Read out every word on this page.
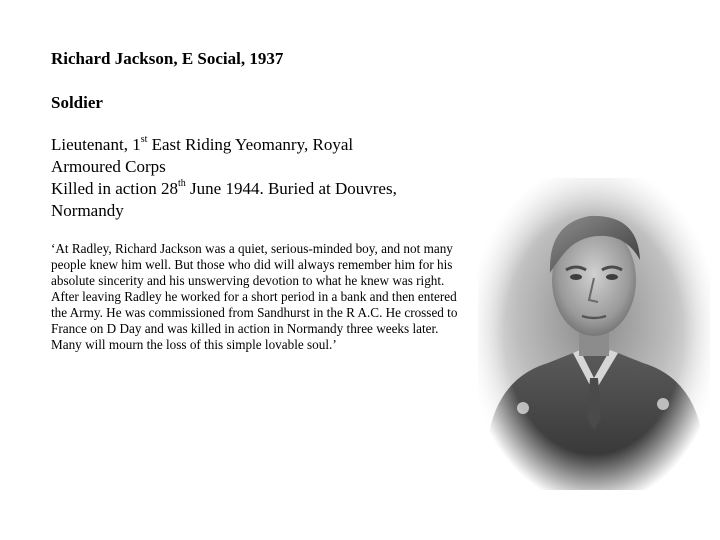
Richard Jackson, E Social, 1937

Soldier

Lieutenant, 1st East Riding Yeomanry, Royal
Armoured Corps
Killed in action 28th June 1944. Buried at Douvres,
Normandy

‘At Radley, Richard Jackson was a quiet, serious-minded boy, and not many people knew him well. But those who did will always remember him for his absolute sincerity and his unswerving devotion to what he knew was right. After leaving Radley he worked for a short period in a bank and then entered the Army. He was commissioned from Sandhurst in the R A.C. He crossed to France on D Day and was killed in action in Normandy three weeks later. Many will mourn the loss of this simple lovable soul.’
